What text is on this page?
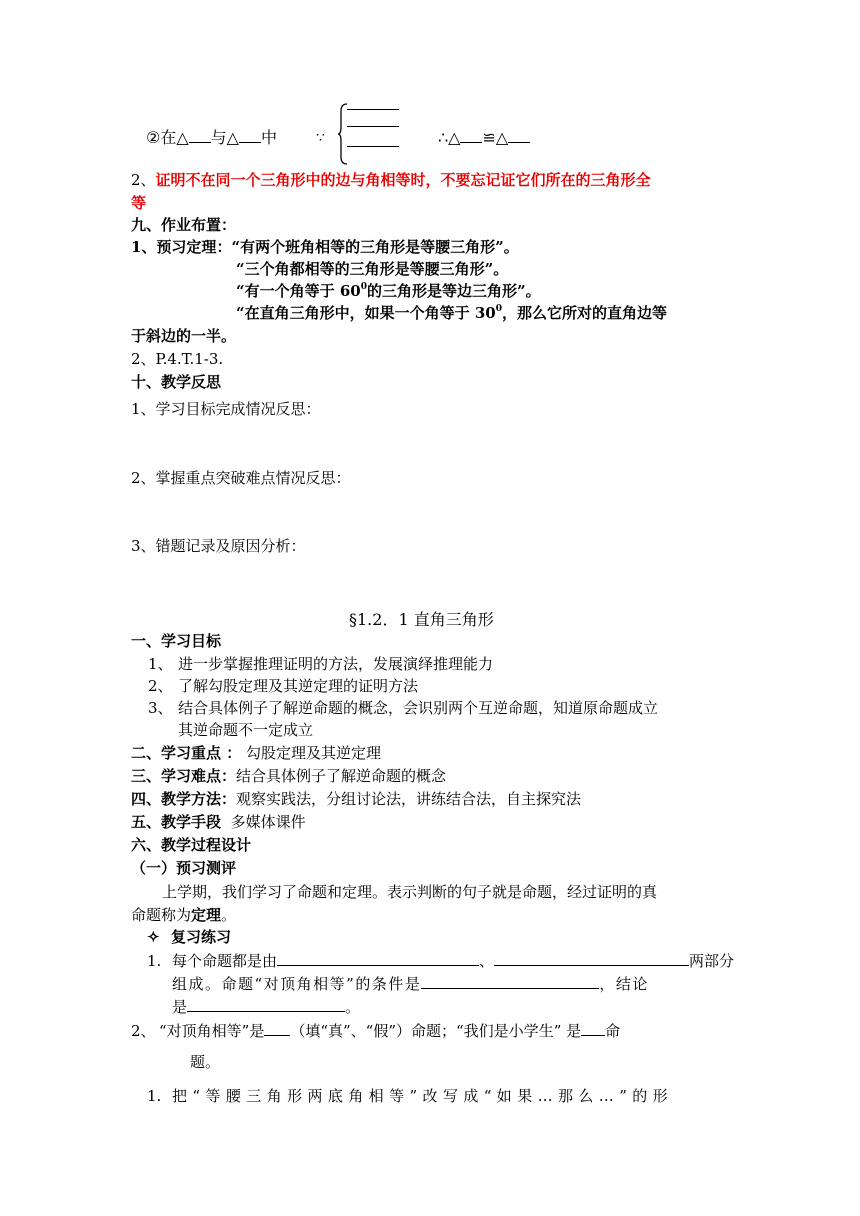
②在△ 与△ 中	∵	∴△ ≌△
2、证明不在同一个三角形中的边与角相等时，不要忘记证它们所在的三角形全
等
九、作业布置：
1、预习定理：“有两个班角相等的三角形是等腰三角形”。
“三个角都相等的三角形是等腰三角形”。
“有一个角等于 $60^0$的三角形是等边三角形”。
“在直角三角形中，如果一个角等于 $30^0$，那么它所对的直角边等
于斜边的一半。
2、P.4.T.1-3.
十、教学反思
1、学习目标完成情况反思：
2、掌握重点突破难点情况反思：
3、错题记录及原因分析：
§1.2．1 直角三角形
一、学习目标
1、 进一步掌握推理证明的方法，发展演绎推理能力
2、 了解勾股定理及其逆定理的证明方法
3、 结合具体例子了解逆命题的概念，会识别两个互逆命题，知道原命题成立
其逆命题不一定成立
二、学习重点 ： 勾股定理及其逆定理
三、学习难点：结合具体例子了解逆命题的概念
四、教学方法：观察实践法，分组讨论法，讲练结合法，自主探究法
五、教学手段 多媒体课件
六、教学过程设计
（一）预习测评
上学期，我们学习了命题和定理。表示判断的句子就是命题，经过证明的真
命题称为定理。
✧ 复习练习
1. 每个命题都是由	、	两部分
组成。命题“对顶角相等”的条件是	，结论
是	。
2、 “对顶角相等”是 （填“真”、“假”）命题；“我们是小学生” 是 命
题。
1. 把“等腰三角形两底角相等”改写成“如果…那么…”的形
